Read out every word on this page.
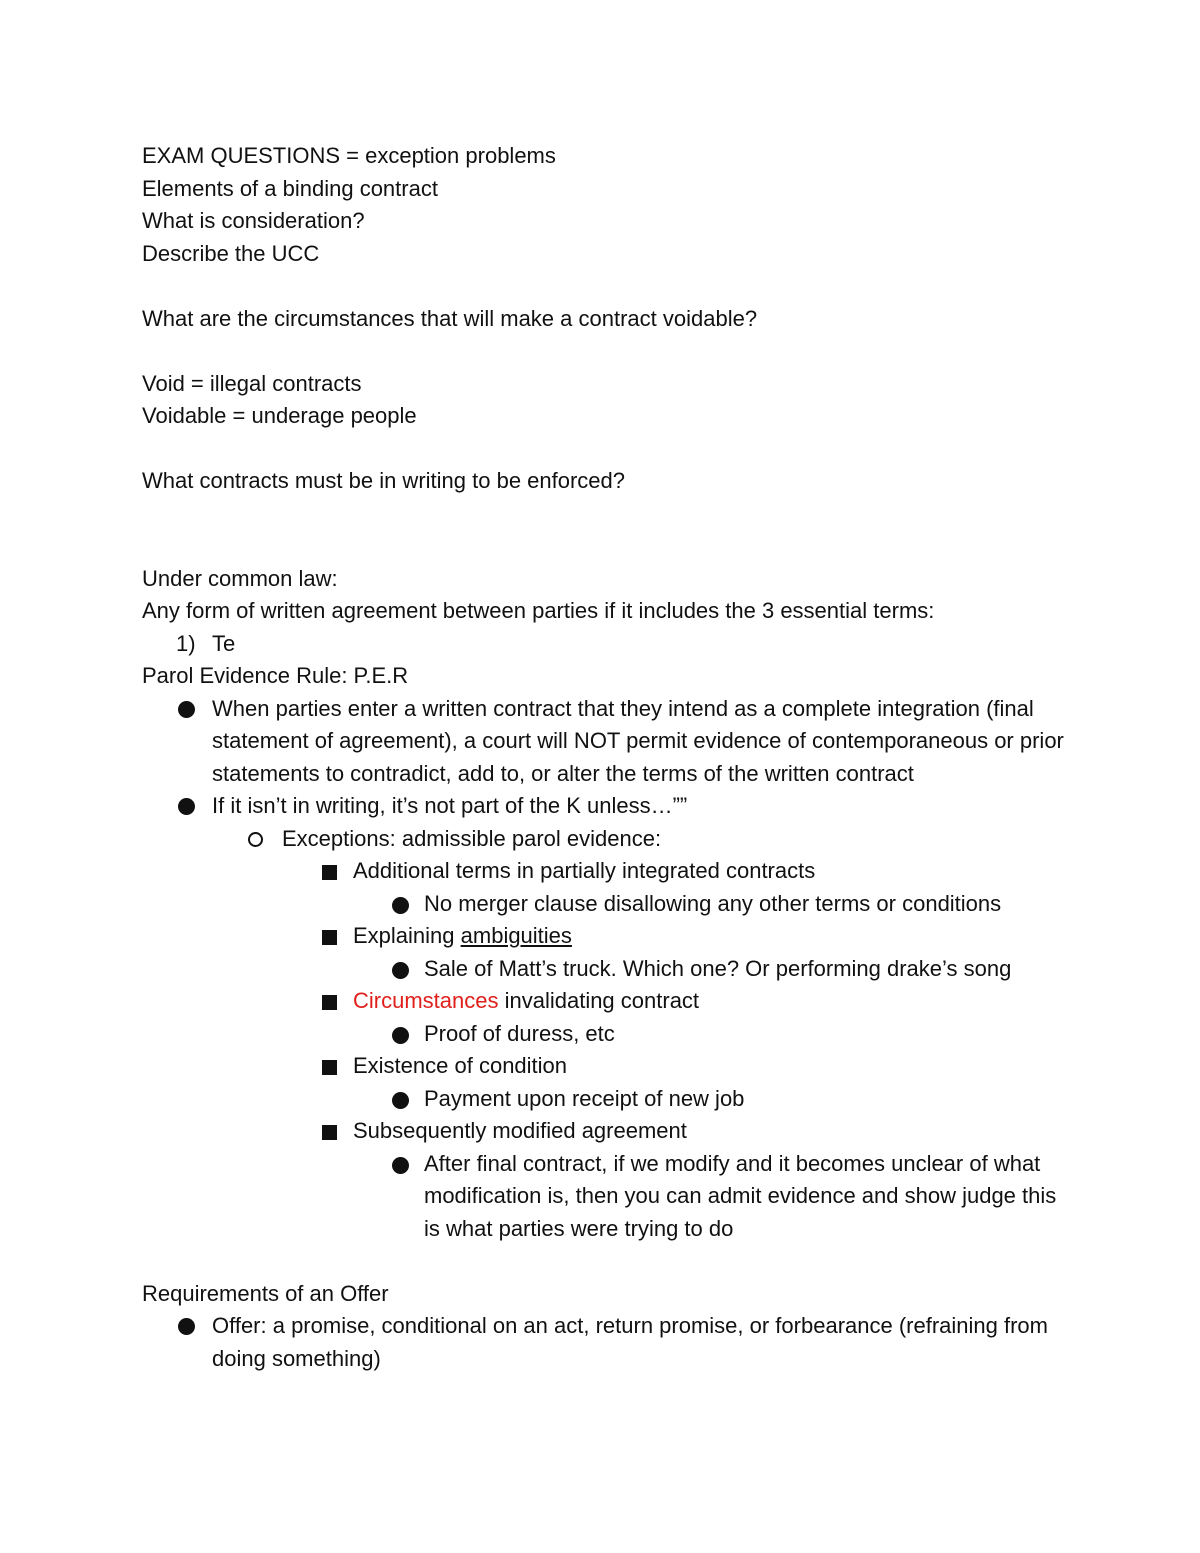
EXAM QUESTIONS = exception problems
Elements of a binding contract
What is consideration?
Describe the UCC
What are the circumstances that will make a contract voidable?
Void = illegal contracts
Voidable = underage people
What contracts must be in writing to be enforced?
Under common law:
Any form of written agreement between parties if it includes the 3 essential terms:
1) Te
Parol Evidence Rule: P.E.R
When parties enter a written contract that they intend as a complete integration (final statement of agreement), a court will NOT permit evidence of contemporaneous or prior statements to contradict, add to, or alter the terms of the written contract
If it isn’t in writing, it’s not part of the K unless…””
Exceptions: admissible parol evidence:
Additional terms in partially integrated contracts
No merger clause disallowing any other terms or conditions
Explaining ambiguities
Sale of Matt’s truck. Which one? Or performing drake’s song
Circumstances invalidating contract
Proof of duress, etc
Existence of condition
Payment upon receipt of new job
Subsequently modified agreement
After final contract, if we modify and it becomes unclear of what modification is, then you can admit evidence and show judge this is what parties were trying to do
Requirements of an Offer
Offer: a promise, conditional on an act, return promise, or forbearance (refraining from doing something)
